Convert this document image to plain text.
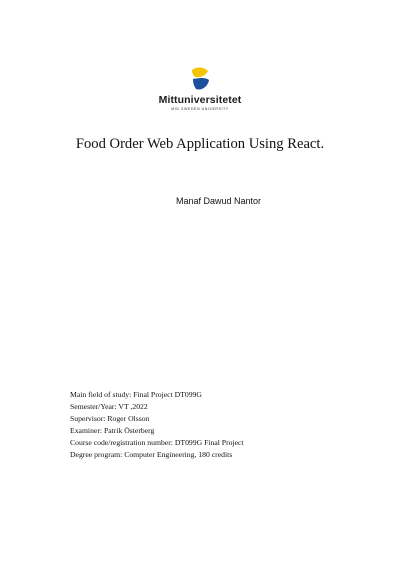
Mittuniversitetet
MID SWEDEN UNIVERSITY
Food Order Web Application Using React.
Manaf Dawud Nantor
Main field of study: Final Project DT099G
Semester/Year: VT ,2022
Supervisor: Roger Olsson
Examiner: Patrik Österberg
Course code/registration number: DT099G Final Project
Degree program: Computer Engineering, 180 credits
